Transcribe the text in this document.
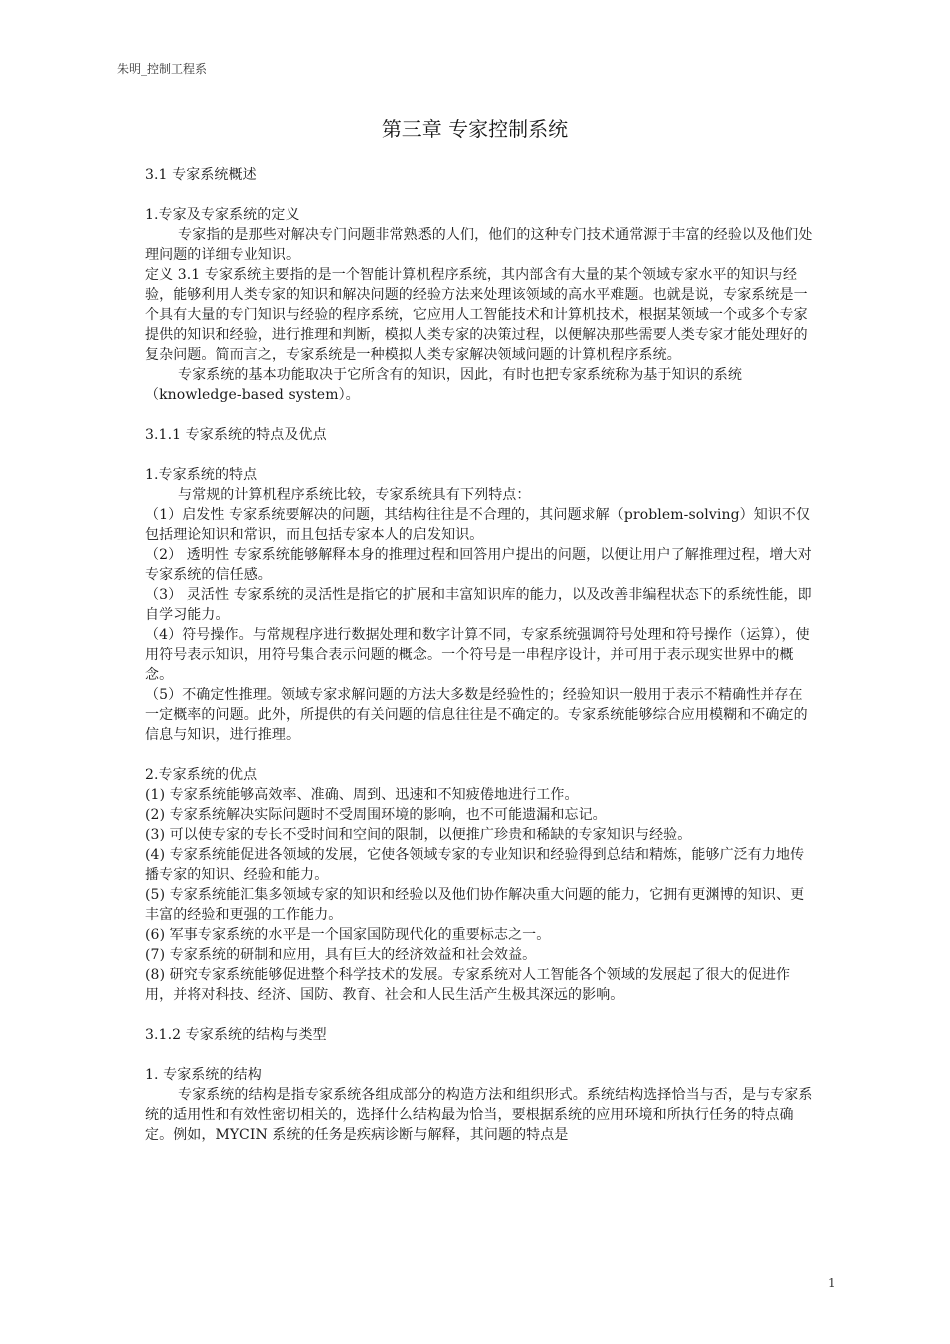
朱明_控制工程系
第三章 专家控制系统

3.1 专家系统概述

1.专家及专家系统的定义

专家指的是那些对解决专门问题非常熟悉的人们，他们的这种专门技术通常源于丰富的经验以及他们处理问题的详细专业知识。

定义 3.1 专家系统主要指的是一个智能计算机程序系统，其内部含有大量的某个领域专家水平的知识与经验，能够利用人类专家的知识和解决问题的经验方法来处理该领域的高水平难题。也就是说，专家系统是一个具有大量的专门知识与经验的程序系统，它应用人工智能技术和计算机技术，根据某领域一个或多个专家提供的知识和经验，进行推理和判断，模拟人类专家的决策过程，以便解决那些需要人类专家才能处理好的复杂问题。简而言之，专家系统是一种模拟人类专家解决领域问题的计算机程序系统。

专家系统的基本功能取决于它所含有的知识，因此，有时也把专家系统称为基于知识的系统（knowledge-based system）。

3.1.1 专家系统的特点及优点

1.专家系统的特点

与常规的计算机程序系统比较，专家系统具有下列特点：

（1）启发性 专家系统要解决的问题，其结构往往是不合理的，其问题求解（problem-solving）知识不仅包括理论知识和常识，而且包括专家本人的启发知识。

（2） 透明性 专家系统能够解释本身的推理过程和回答用户提出的问题，以便让用户了解推理过程，增大对专家系统的信任感。

（3） 灵活性 专家系统的灵活性是指它的扩展和丰富知识库的能力，以及改善非编程状态下的系统性能，即自学习能力。

（4）符号操作。与常规程序进行数据处理和数字计算不同，专家系统强调符号处理和符号操作（运算），使用符号表示知识，用符号集合表示问题的概念。一个符号是一串程序设计，并可用于表示现实世界中的概念。

（5）不确定性推理。领域专家求解问题的方法大多数是经验性的；经验知识一般用于表示不精确性并存在一定概率的问题。此外，所提供的有关问题的信息往往是不确定的。专家系统能够综合应用模糊和不确定的信息与知识，进行推理。

2.专家系统的优点

(1) 专家系统能够高效率、准确、周到、迅速和不知疲倦地进行工作。

(2) 专家系统解决实际问题时不受周围环境的影响，也不可能遗漏和忘记。

(3) 可以使专家的专长不受时间和空间的限制，以便推广珍贵和稀缺的专家知识与经验。

(4) 专家系统能促进各领域的发展，它使各领域专家的专业知识和经验得到总结和精炼，能够广泛有力地传播专家的知识、经验和能力。

(5) 专家系统能汇集多领域专家的知识和经验以及他们协作解决重大问题的能力，它拥有更渊博的知识、更丰富的经验和更强的工作能力。

(6) 军事专家系统的水平是一个国家国防现代化的重要标志之一。

(7) 专家系统的研制和应用，具有巨大的经济效益和社会效益。

(8) 研究专家系统能够促进整个科学技术的发展。专家系统对人工智能各个领域的发展起了很大的促进作用，并将对科技、经济、国防、教育、社会和人民生活产生极其深远的影响。

3.1.2 专家系统的结构与类型

1. 专家系统的结构

专家系统的结构是指专家系统各组成部分的构造方法和组织形式。系统结构选择恰当与否，是与专家系统的适用性和有效性密切相关的，选择什么结构最为恰当，要根据系统的应用环境和所执行任务的特点确定。例如，MYCIN 系统的任务是疾病诊断与解释，其问题的特点是

1
